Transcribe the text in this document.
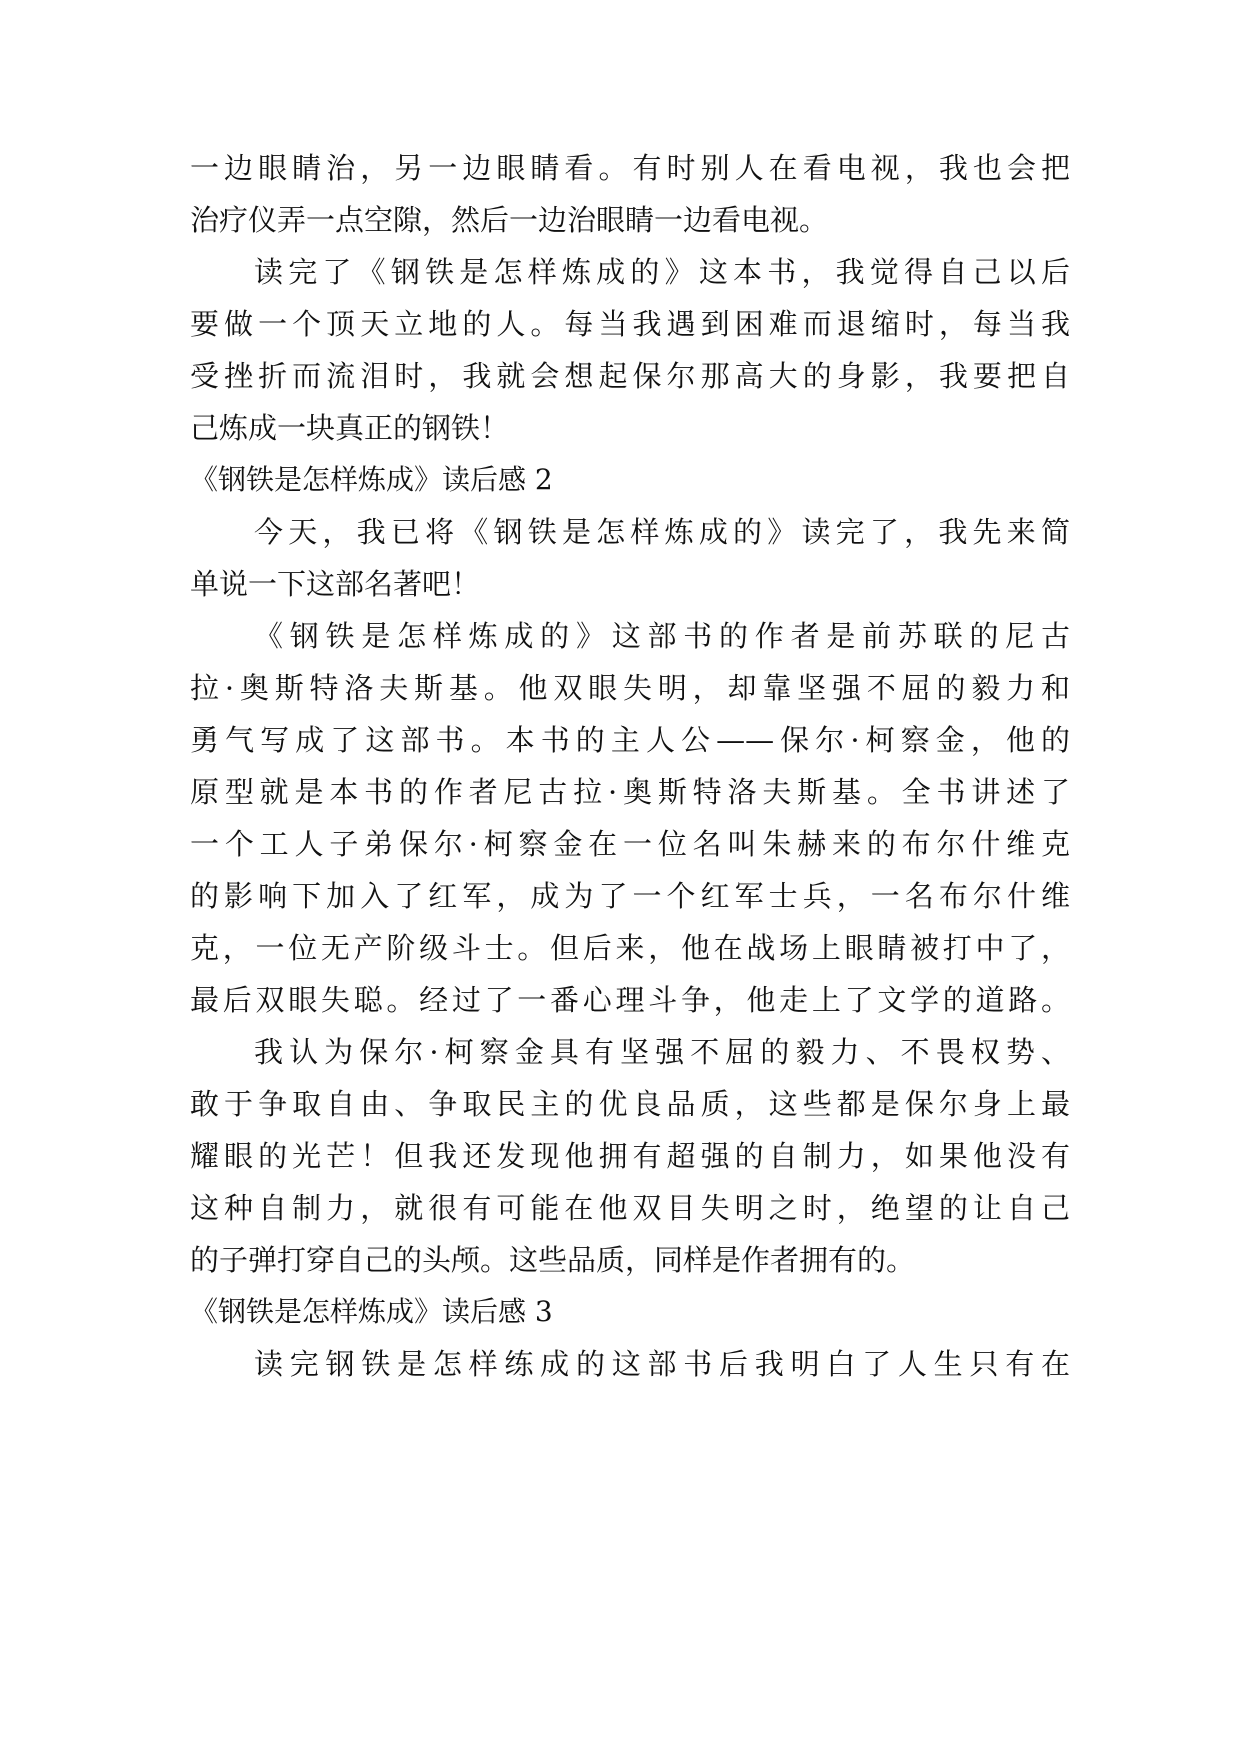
一边眼睛治，另一边眼睛看。有时别人在看电视，我也会把
治疗仪弄一点空隙，然后一边治眼睛一边看电视。
读完了《钢铁是怎样炼成的》这本书，我觉得自己以后
要做一个顶天立地的人。每当我遇到困难而退缩时，每当我
受挫折而流泪时，我就会想起保尔那高大的身影，我要把自
己炼成一块真正的钢铁！
《钢铁是怎样炼成》读后感 2
今天，我已将《钢铁是怎样炼成的》读完了，我先来简
单说一下这部名著吧！
《钢铁是怎样炼成的》这部书的作者是前苏联的尼古
拉·奥斯特洛夫斯基。他双眼失明，却靠坚强不屈的毅力和
勇气写成了这部书。本书的主人公——保尔·柯察金，他的
原型就是本书的作者尼古拉·奥斯特洛夫斯基。全书讲述了
一个工人子弟保尔·柯察金在一位名叫朱赫来的布尔什维克
的影响下加入了红军，成为了一个红军士兵，一名布尔什维
克，一位无产阶级斗士。但后来，他在战场上眼睛被打中了，
最后双眼失聪。经过了一番心理斗争，他走上了文学的道路。
我认为保尔·柯察金具有坚强不屈的毅力、不畏权势、
敢于争取自由、争取民主的优良品质，这些都是保尔身上最
耀眼的光芒！但我还发现他拥有超强的自制力，如果他没有
这种自制力，就很有可能在他双目失明之时，绝望的让自己
的子弹打穿自己的头颅。这些品质，同样是作者拥有的。
《钢铁是怎样炼成》读后感 3
读完钢铁是怎样练成的这部书后我明白了人生只有在
